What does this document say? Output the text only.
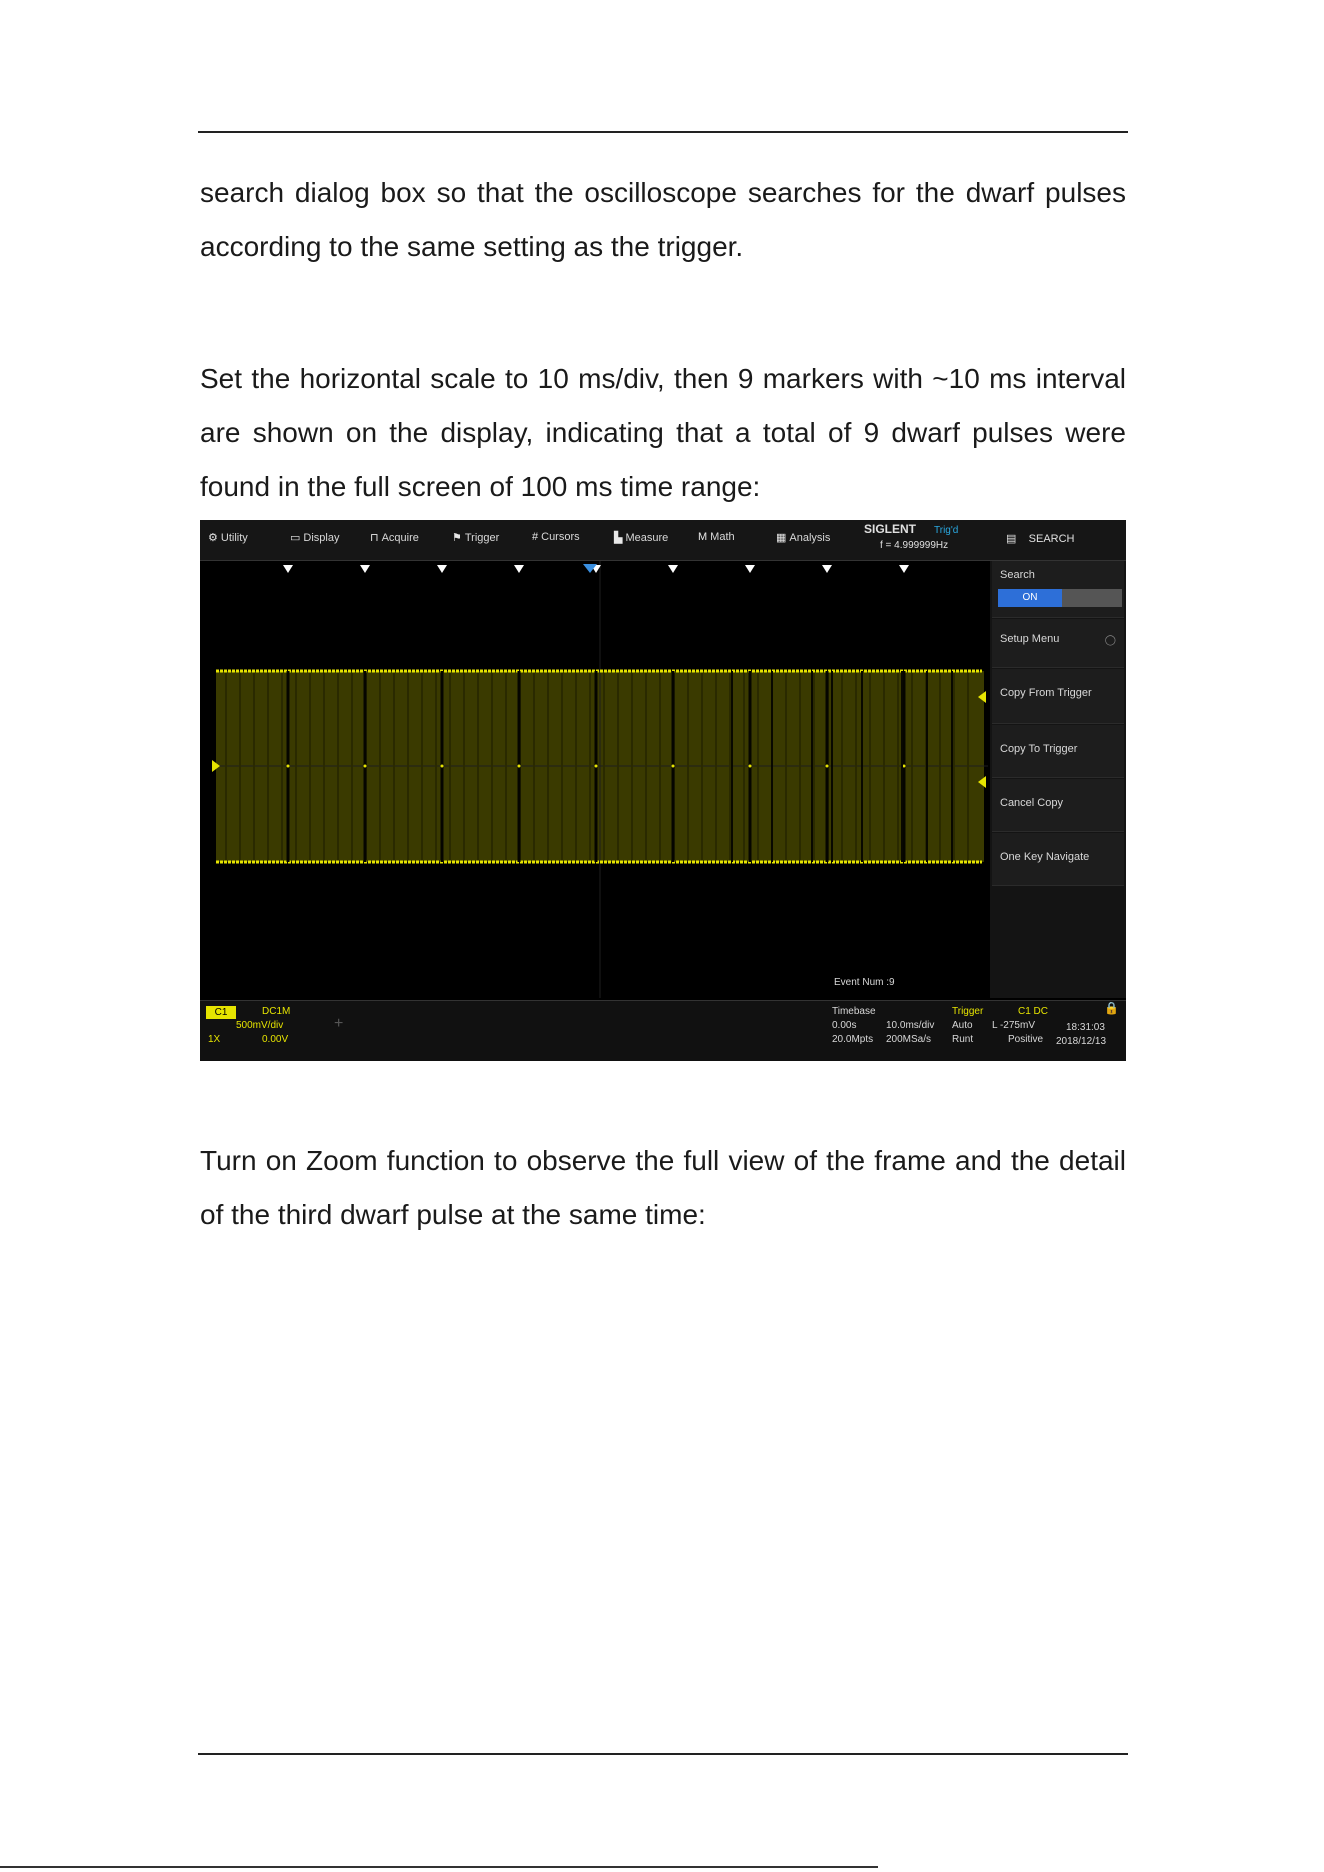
search dialog box so that the oscilloscope searches for the dwarf pulses
according to the same setting as the trigger.
Set the horizontal scale to 10 ms/div, then 9 markers with ~10 ms interval
are shown on the display, indicating that a total of 9 dwarf pulses were
found in the full screen of 100 ms time range:
⚙ Utility	▭ Display	⊓ Acquire	⚑ Trigger	# Cursors	▙ Measure	M Math	▦ Analysis
SIGLENT Trig'd
f = 4.999999Hz
▤ SEARCH
Search
ON
Setup Menu	◯
Copy From Trigger
Copy To Trigger
Cancel Copy
One Key Navigate
Event Num :9
C1	DC1M
500mV/div
1X	0.00V
+
Timebase
0.00s	10.0ms/div
20.0Mpts 200MSa/s
Trigger	C1 DC
Auto L -275mV
Runt	Positive
🔒
18:31:03
2018/12/13
Turn on Zoom function to observe the full view of the frame and the detail
of the third dwarf pulse at the same time:
